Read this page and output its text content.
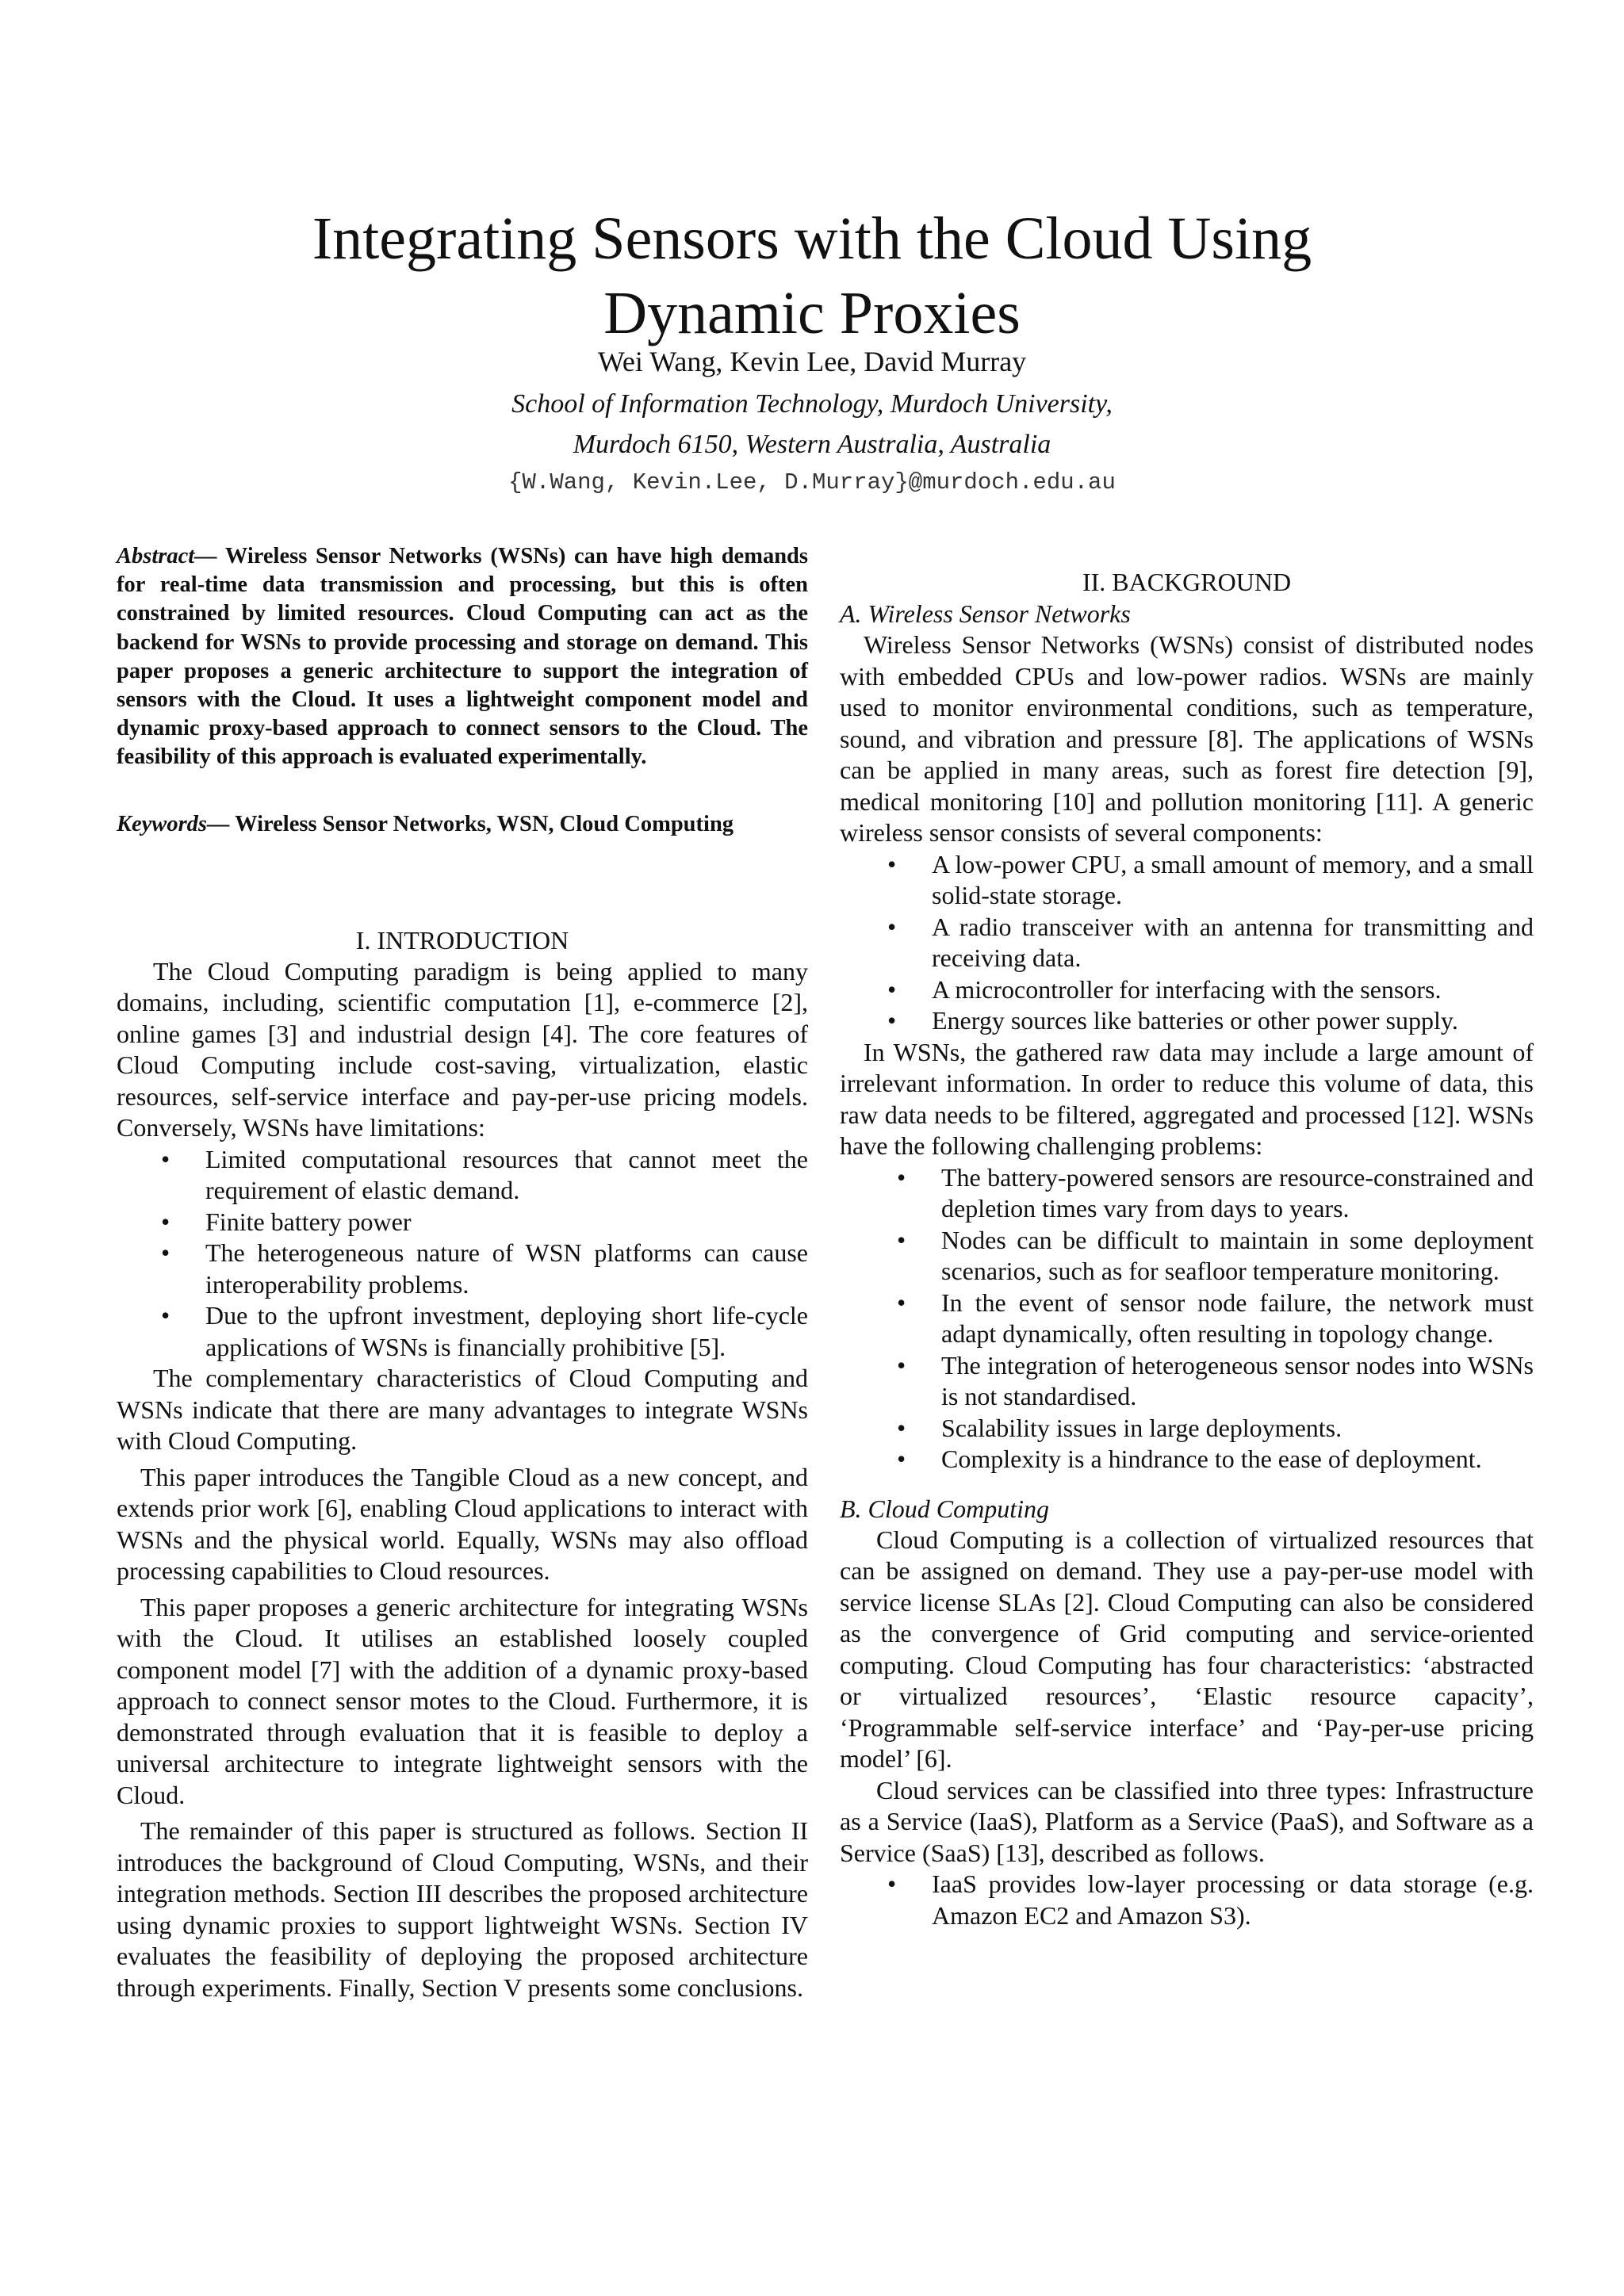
Integrating Sensors with the Cloud Using
Dynamic Proxies
Wei Wang, Kevin Lee, David Murray
School of Information Technology, Murdoch University,
Murdoch 6150, Western Australia, Australia
{W.Wang, Kevin.Lee, D.Murray}@murdoch.edu.au

Abstract— Wireless Sensor Networks (WSNs) can have high demands for real-time data transmission and processing, but this is often constrained by limited resources. Cloud Computing can act as the backend for WSNs to provide processing and storage on demand. This paper proposes a generic architecture to support the integration of sensors with the Cloud. It uses a lightweight component model and dynamic proxy-based approach to connect sensors to the Cloud. The feasibility of this approach is evaluated experimentally.

Keywords— Wireless Sensor Networks, WSN, Cloud Computing

I. INTRODUCTION

The Cloud Computing paradigm is being applied to many domains, including, scientific computation [1], e-commerce [2], online games [3] and industrial design [4]. The core features of Cloud Computing include cost-saving, virtualization, elastic resources, self-service interface and pay-per-use pricing models. Conversely, WSNs have limitations:

• Limited computational resources that cannot meet the requirement of elastic demand.
• Finite battery power
• The heterogeneous nature of WSN platforms can cause interoperability problems.
• Due to the upfront investment, deploying short life-cycle applications of WSNs is financially prohibitive [5].

The complementary characteristics of Cloud Computing and WSNs indicate that there are many advantages to integrate WSNs with Cloud Computing.

This paper introduces the Tangible Cloud as a new concept, and extends prior work [6], enabling Cloud applications to interact with WSNs and the physical world. Equally, WSNs may also offload processing capabilities to Cloud resources.

This paper proposes a generic architecture for integrating WSNs with the Cloud. It utilises an established loosely coupled component model [7] with the addition of a dynamic proxy-based approach to connect sensor motes to the Cloud. Furthermore, it is demonstrated through evaluation that it is feasible to deploy a universal architecture to integrate lightweight sensors with the Cloud.

The remainder of this paper is structured as follows. Section II introduces the background of Cloud Computing, WSNs, and their integration methods. Section III describes the proposed architecture using dynamic proxies to support lightweight WSNs. Section IV evaluates the feasibility of deploying the proposed architecture through experiments. Finally, Section V presents some conclusions.

II. BACKGROUND
A. Wireless Sensor Networks

Wireless Sensor Networks (WSNs) consist of distributed nodes with embedded CPUs and low-power radios. WSNs are mainly used to monitor environmental conditions, such as temperature, sound, and vibration and pressure [8]. The applications of WSNs can be applied in many areas, such as forest fire detection [9], medical monitoring [10] and pollution monitoring [11]. A generic wireless sensor consists of several components:

• A low-power CPU, a small amount of memory, and a small solid-state storage.
• A radio transceiver with an antenna for transmitting and receiving data.
• A microcontroller for interfacing with the sensors.
• Energy sources like batteries or other power supply.

In WSNs, the gathered raw data may include a large amount of irrelevant information. In order to reduce this volume of data, this raw data needs to be filtered, aggregated and processed [12]. WSNs have the following challenging problems:

• The battery-powered sensors are resource-constrained and depletion times vary from days to years.
• Nodes can be difficult to maintain in some deployment scenarios, such as for seafloor temperature monitoring.
• In the event of sensor node failure, the network must adapt dynamically, often resulting in topology change.
• The integration of heterogeneous sensor nodes into WSNs is not standardised.
• Scalability issues in large deployments.
• Complexity is a hindrance to the ease of deployment.
B. Cloud Computing

Cloud Computing is a collection of virtualized resources that can be assigned on demand. They use a pay-per-use model with service license SLAs [2]. Cloud Computing can also be considered as the convergence of Grid computing and service-oriented computing. Cloud Computing has four characteristics: ‘abstracted or virtualized resources’, ‘Elastic resource capacity’, ‘Programmable self-service interface’ and ‘Pay-per-use pricing model’ [6].

Cloud services can be classified into three types: Infrastructure as a Service (IaaS), Platform as a Service (PaaS), and Software as a Service (SaaS) [13], described as follows.

• IaaS provides low-layer processing or data storage (e.g. Amazon EC2 and Amazon S3).
